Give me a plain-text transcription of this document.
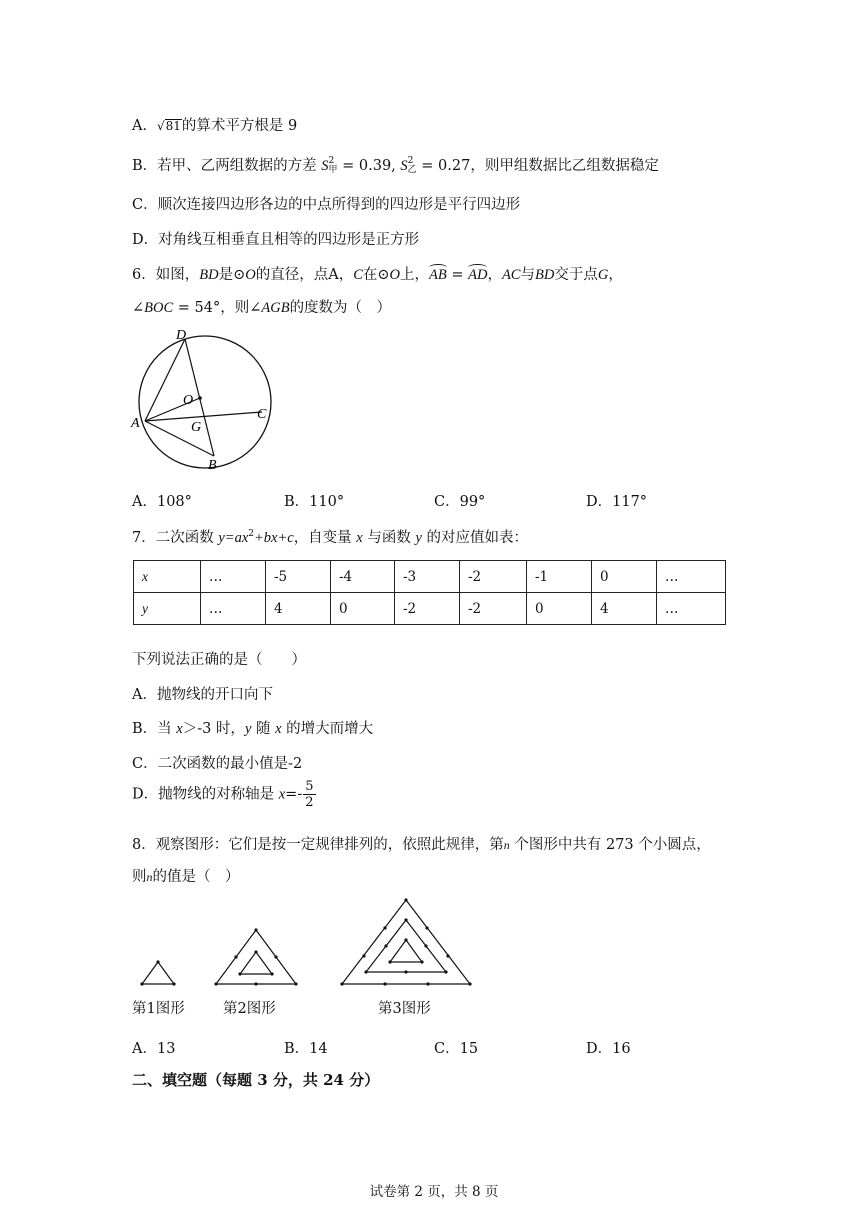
A．√81的算术平方根是 9
B．若甲、乙两组数据的方差 S 2
甲 = 0.39, S 2
乙 = 0.27，则甲组数据比乙组数据稳定
C．顺次连接四边形各边的中点所得到的四边形是平行四边形
D．对角线互相垂直且相等的四边形是正方形
6．如图，BD是⊙O的直径，点A，C在⊙O上，AB = AD，AC与BD交于点G，
∠BOC = 54°，则∠AGB的度数为（　）
D
O
A
C
G
B
A．108°	B．110°	C．99°	D．117°
7．二次函数 $y=ax^2+bx+c$，自变量 x 与函数 y 的对应值如表：
x	…	-5	-4	-3	-2	-1	0	…
y	…	4	0	-2	-2	0	4	…
下列说法正确的是（　　）
A．抛物线的开口向下
B．当 x＞-3 时，y 随 x 的增大而增大
C．二次函数的最小值是-2
D．抛物线的对称轴是 $x=- \frac{5}{2}$
8．观察图形：它们是按一定规律排列的，依照此规律，第n 个图形中共有 273 个小圆点，
则n的值是（　）
第1图形	第2图形	第3图形
A．13	B．14	C．15	D．16
二、填空题（每题 3 分，共 24 分）
试卷第 2 页，共 8 页
